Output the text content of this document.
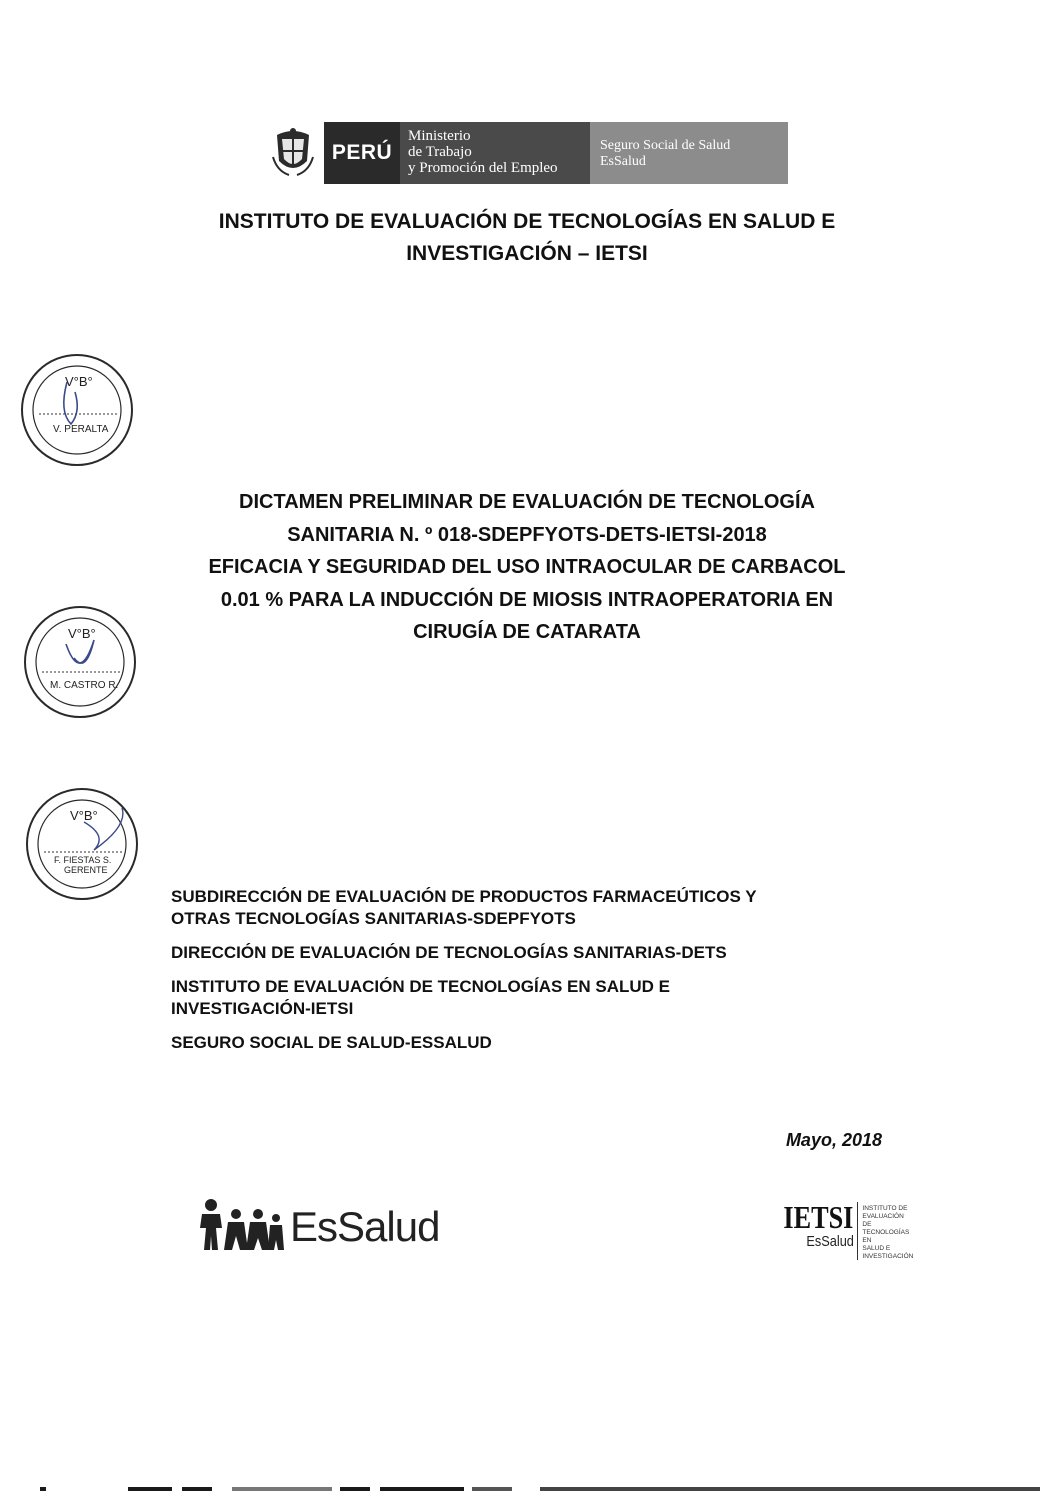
PERÚ
Ministerio
de Trabajo
y Promoción del Empleo
Seguro Social de Salud
EsSalud
INSTITUTO DE EVALUACIÓN DE TECNOLOGÍAS EN SALUD E
INVESTIGACIÓN – IETSI
V°B°
V. PERALTA
DICTAMEN PRELIMINAR DE EVALUACIÓN DE TECNOLOGÍA
SANITARIA N. º 018-SDEPFYOTS-DETS-IETSI-2018
EFICACIA Y SEGURIDAD DEL USO INTRAOCULAR DE CARBACOL
0.01 % PARA LA INDUCCIÓN DE MIOSIS INTRAOPERATORIA EN
CIRUGÍA DE CATARATA
V°B°
M. CASTRO R.
V°B°
F. FIESTAS S.
GERENTE
SUBDIRECCIÓN DE EVALUACIÓN DE PRODUCTOS FARMACEÚTICOS Y
OTRAS TECNOLOGÍAS SANITARIAS-SDEPFYOTS
DIRECCIÓN DE EVALUACIÓN DE TECNOLOGÍAS SANITARIAS-DETS
INSTITUTO DE EVALUACIÓN DE TECNOLOGÍAS EN SALUD E
INVESTIGACIÓN-IETSI
SEGURO SOCIAL DE SALUD-ESSALUD
Mayo, 2018
EsSalud	IETSI
EsSalud
INSTITUTO DE
EVALUACIÓN DE
TECNOLOGÍAS EN
SALUD E
INVESTIGACIÓN
